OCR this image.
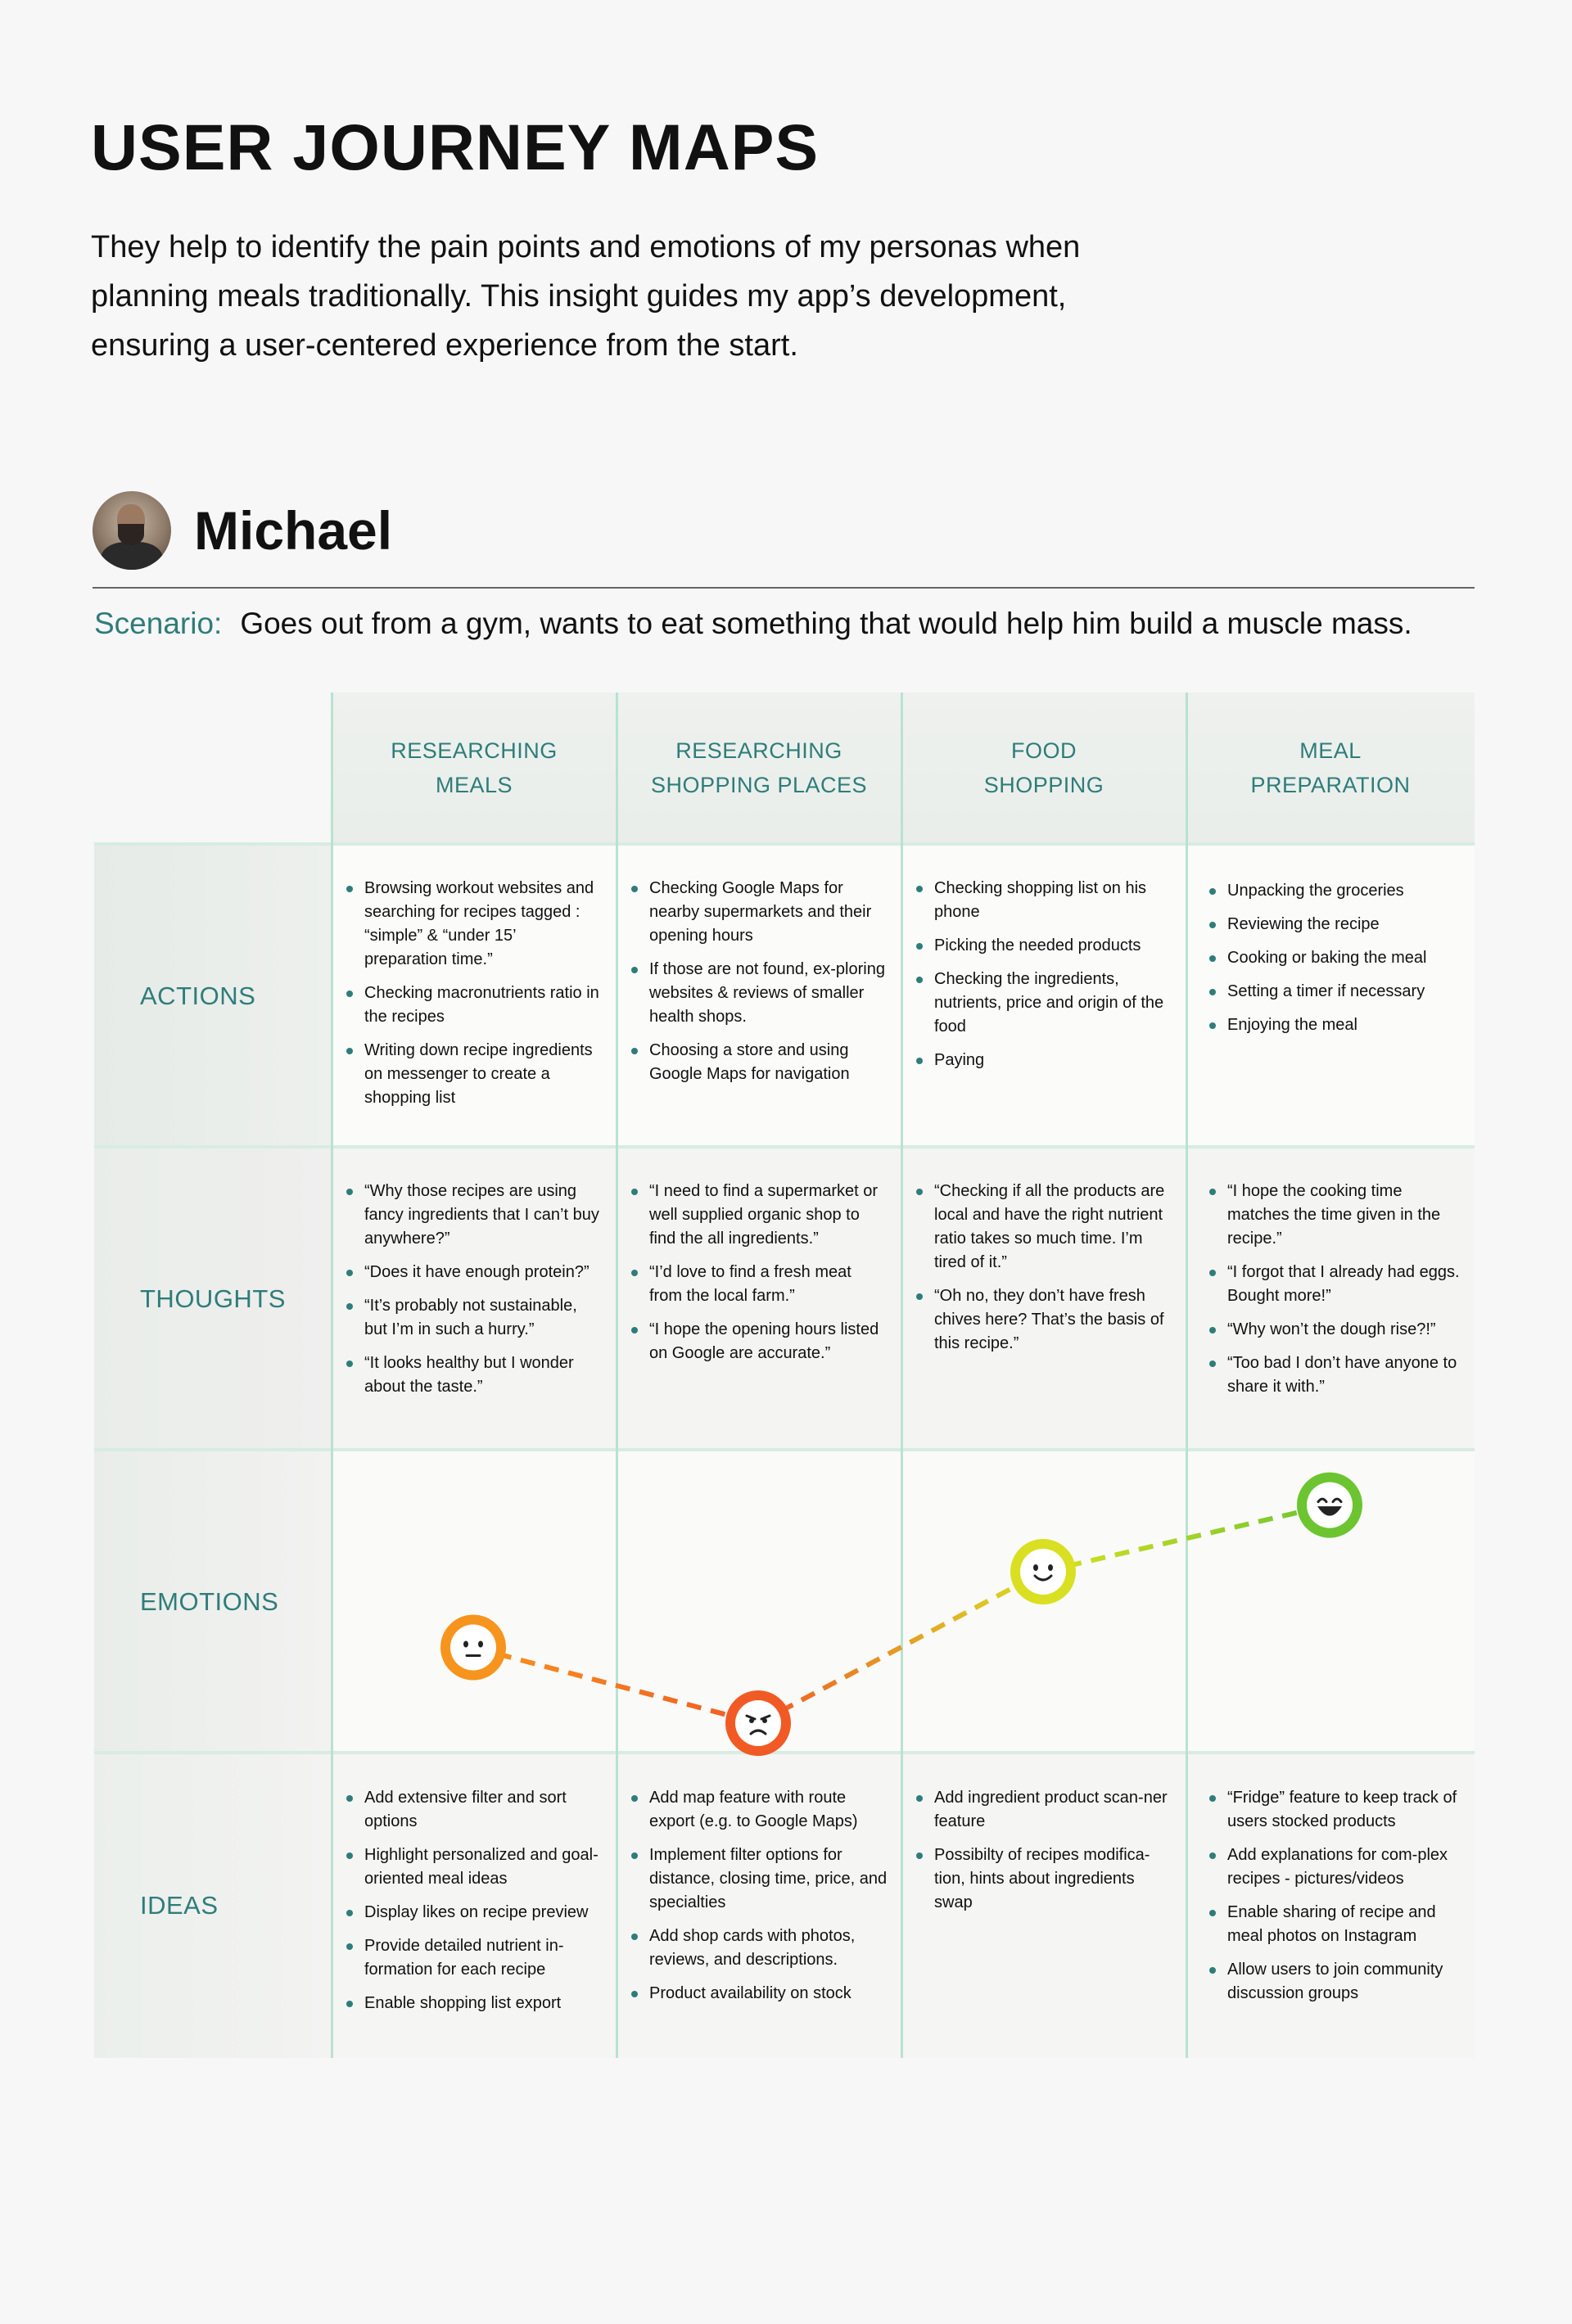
USER JOURNEY MAPS

They help to identify the pain points and emotions of my personas when
planning meals traditionally. This insight guides my app’s development,
ensuring a user-centered experience from the start.

Michael
Scenario: Goes out from a gym, wants to eat something that would help him build a muscle mass.
RESEARCHING
MEALS
RESEARCHING
SHOPPING PLACES
FOOD
SHOPPING
MEAL
PREPARATION
ACTIONS
THOUGHTS
EMOTIONS
IDEAS
Browsing workout websites and searching for recipes tagged : “simple” & “under 15’ preparation time.”
Checking macronutrients ratio in the recipes
Writing down recipe ingredients on messenger to create a shopping list
Checking Google Maps for nearby supermarkets and their opening hours
If those are not found, ex-ploring websites & reviews of smaller health shops.
Choosing a store and using Google Maps for navigation
Checking shopping list on his phone
Picking the needed products
Checking the ingredients, nutrients, price and origin of the food
Paying
Unpacking the groceries
Reviewing the recipe
Cooking or baking the meal
Setting a timer if necessary
Enjoying the meal
“Why those recipes are using fancy ingredients that I can’t buy anywhere?”
“Does it have enough protein?”
“It’s probably not sustainable, but I’m in such a hurry.”
“It looks healthy but I wonder about the taste.”
“I need to find a supermarket or well supplied organic shop to find the all ingredients.”
“I’d love to find a fresh meat from the local farm.”
“I hope the opening hours listed on Google are accurate.”
“Checking if all the products are local and have the right nutrient ratio takes so much time. I’m tired of it.”
“Oh no, they don’t have fresh chives here? That’s the basis of this recipe.”
“I hope the cooking time matches the time given in the recipe.”
“I forgot that I already had eggs. Bought more!”
“Why won’t the dough rise?!”
“Too bad I don’t have anyone to share it with.”
Add extensive filter and sort options
Highlight personalized and goal-oriented meal ideas
Display likes on recipe preview
Provide detailed nutrient in-formation for each recipe
Enable shopping list export
Add map feature with route export (e.g. to Google Maps)
Implement filter options for distance, closing time, price, and specialties
Add shop cards with photos, reviews, and descriptions.
Product availability on stock
Add ingredient product scan-ner feature
Possibilty of recipes modifica-tion, hints about ingredients swap
“Fridge” feature to keep track of users stocked products
Add explanations for com-plex recipes - pictures/videos
Enable sharing of recipe and meal photos on Instagram
Allow users to join community discussion groups
